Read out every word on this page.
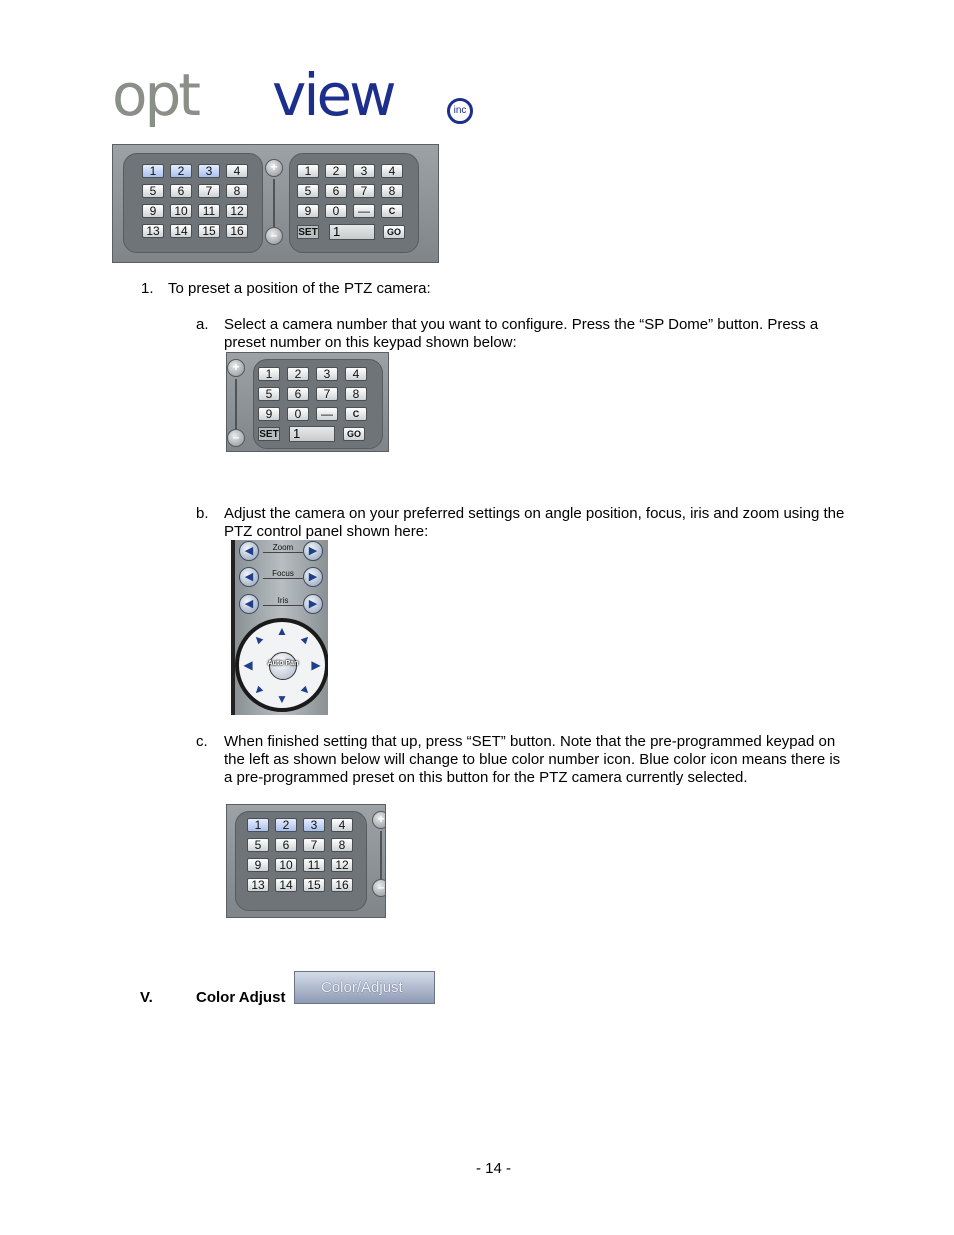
opt view	inc
+
–	SET	1	GO
1	2	3	4
5	6	7	8
9	10	11	12
13	14	15	16
1	2	3	4
5	6	7	8
9	0	—	C
1. To preset a position of the PTZ camera:
a. Select a camera number that you want to configure. Press the “SP Dome” button. Press a
preset number on this keypad shown below:
+
–	SET	1	GO
1	2	3	4
5	6	7	8
9	0	—	C
b. Adjust the camera on your preferred settings on angle position, focus, iris and zoom using the
PTZ control panel shown here:
◀	Zoom	▶
◀	Focus	▶
◀	Iris	▶
▲ ▲
▶
▲
▼
▲
◀
▲
Auto Pan
c. When finished setting that up, press “SET” button. Note that the pre-programmed keypad on
the left as shown below will change to blue color number icon. Blue color icon means there is
a pre-programmed preset on this button for the PTZ camera currently selected.
+
–
1	2	3	4
5	6	7	8
9	10	11	12
13	14	15	16
V.	Color Adjust
Color/Adjust
- 14 -
